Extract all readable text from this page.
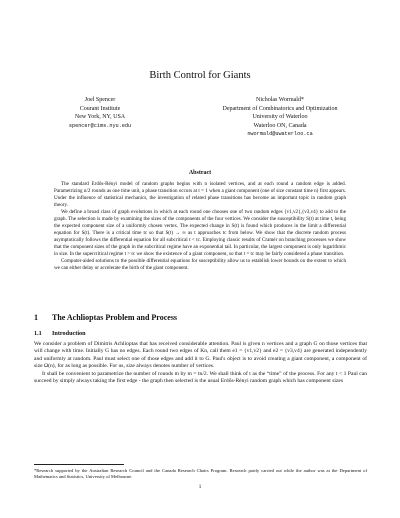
Birth Control for Giants
Joel Spencer
Courant Institute
New York, NY, USA
spencer@cims.nyu.edu
Nicholas Wormald*
Department of Combinatorics and Optimization
University of Waterloo
Waterloo ON, Canada
nwormald@uwaterloo.ca
Abstract

The standard Erdős-Rényi model of random graphs begins with n isolated vertices, and at each round a random edge is added. Parametrizing n/2 rounds as one time unit, a phase transition occurs at t = 1 when a giant component (one of size constant time n) first appears. Under the influence of statistical mechanics, the investigation of related phase transitions has become an important topic in random graph theory.

We define a broad class of graph evolutions in which at each round one chooses one of two random edges {v1,v2},{v3,v4} to add to the graph. The selection is made by examining the sizes of the components of the four vertices. We consider the susceptibility S(t) at time t, being the expected component size of a uniformly chosen vertex. The expected change in S(t) is found which produces in the limit a differential equation for S(t). There is a critical time tc so that S(t) → ∞ as t approaches tc from below. We show that the discrete random process asymptotically follows the differential equation for all subcritical t < tc. Employing classic results of Cramér on branching processes we show that the component sizes of the graph in the subcritical regime have an exponential tail. In particular, the largest component is only logarithmic in size. In the supercritical regime t > tc we show the existence of a giant component, so that t = tc may be fairly considered a phase transition.

Computer-aided solutions to the possible differential equations for susceptibility allow us to establish lower bounds on the extent to which we can either delay or accelerate the birth of the giant component.

1 The Achlioptas Problem and Process
1.1 Introduction

We consider a problem of Dimitris Achlioptas that has received considerable attention. Paul is given n vertices and a graph G on those vertices that will change with time. Initially G has no edges. Each round two edges of Kn, call them e1 = {v1,v2} and e2 = {v3,v4} are generated independently and uniformly at random. Paul must select one of those edges and add it to G. Paul's object is to avoid creating a giant component, a component of size Ω(n), for as long as possible. For us, size always denotes number of vertices.

It shall be convenient to parametrize the number of rounds m by m = tn/2. We shall think of t as the “time” of the process. For any t < 1 Paul can succeed by simply always taking the first edge - the graph then selected is the usual Erdős-Rényi random graph which has component sizes

*Research supported by the Australian Research Council and the Canada Research Chairs Program. Research partly carried out while the author was at the Department of Mathematics and Statistics, University of Melbourne.
1
